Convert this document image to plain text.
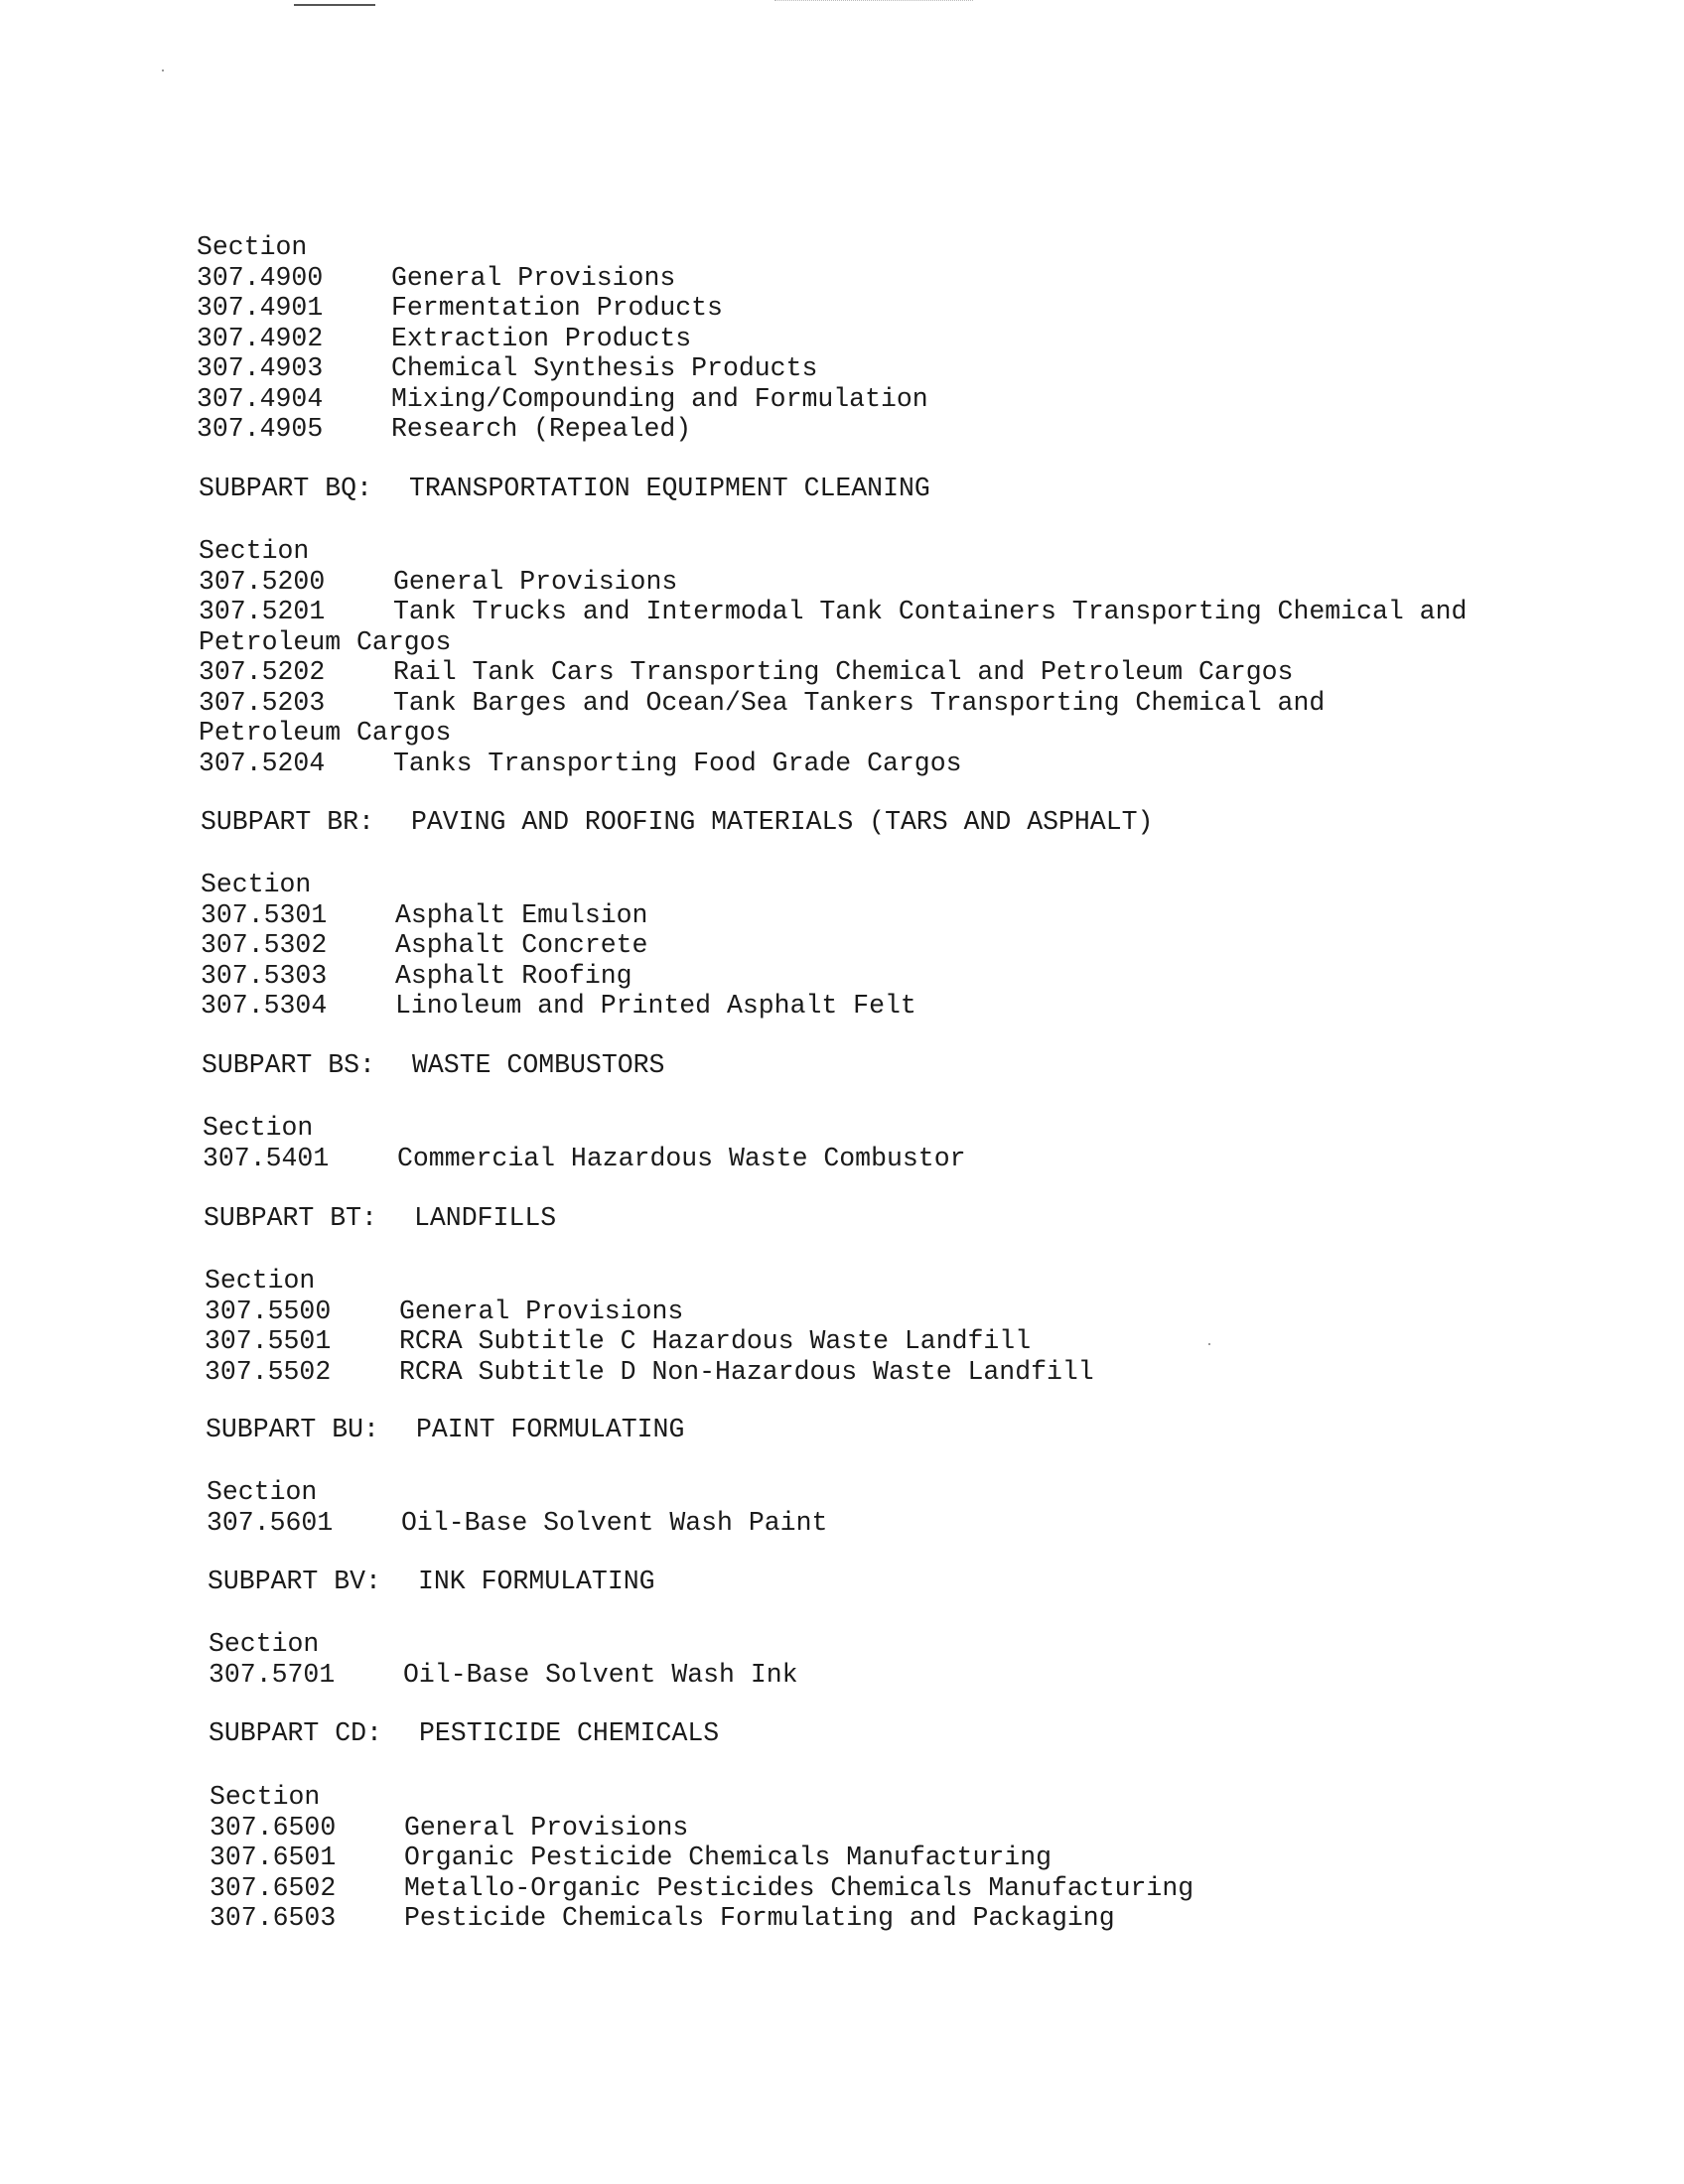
Section
307.4900	General Provisions
307.4901	Fermentation Products
307.4902	Extraction Products
307.4903	Chemical Synthesis Products
307.4904	Mixing/Compounding and Formulation
307.4905	Research (Repealed)
SUBPART BQ: TRANSPORTATION EQUIPMENT CLEANING
Section
307.5200	General Provisions
307.5201	Tank Trucks and Intermodal Tank Containers Transporting Chemical and
Petroleum Cargos
307.5202	Rail Tank Cars Transporting Chemical and Petroleum Cargos
307.5203	Tank Barges and Ocean/Sea Tankers Transporting Chemical and
Petroleum Cargos
307.5204	Tanks Transporting Food Grade Cargos
SUBPART BR: PAVING AND ROOFING MATERIALS (TARS AND ASPHALT)
Section
307.5301	Asphalt Emulsion
307.5302	Asphalt Concrete
307.5303	Asphalt Roofing
307.5304	Linoleum and Printed Asphalt Felt
SUBPART BS: WASTE COMBUSTORS
Section
307.5401	Commercial Hazardous Waste Combustor
SUBPART BT: LANDFILLS
Section
307.5500	General Provisions
307.5501	RCRA Subtitle C Hazardous Waste Landfill
307.5502	RCRA Subtitle D Non-Hazardous Waste Landfill
SUBPART BU: PAINT FORMULATING
Section
307.5601	Oil-Base Solvent Wash Paint
SUBPART BV: INK FORMULATING
Section
307.5701	Oil-Base Solvent Wash Ink
SUBPART CD: PESTICIDE CHEMICALS
Section
307.6500	General Provisions
307.6501	Organic Pesticide Chemicals Manufacturing
307.6502	Metallo-Organic Pesticides Chemicals Manufacturing
307.6503	Pesticide Chemicals Formulating and Packaging
